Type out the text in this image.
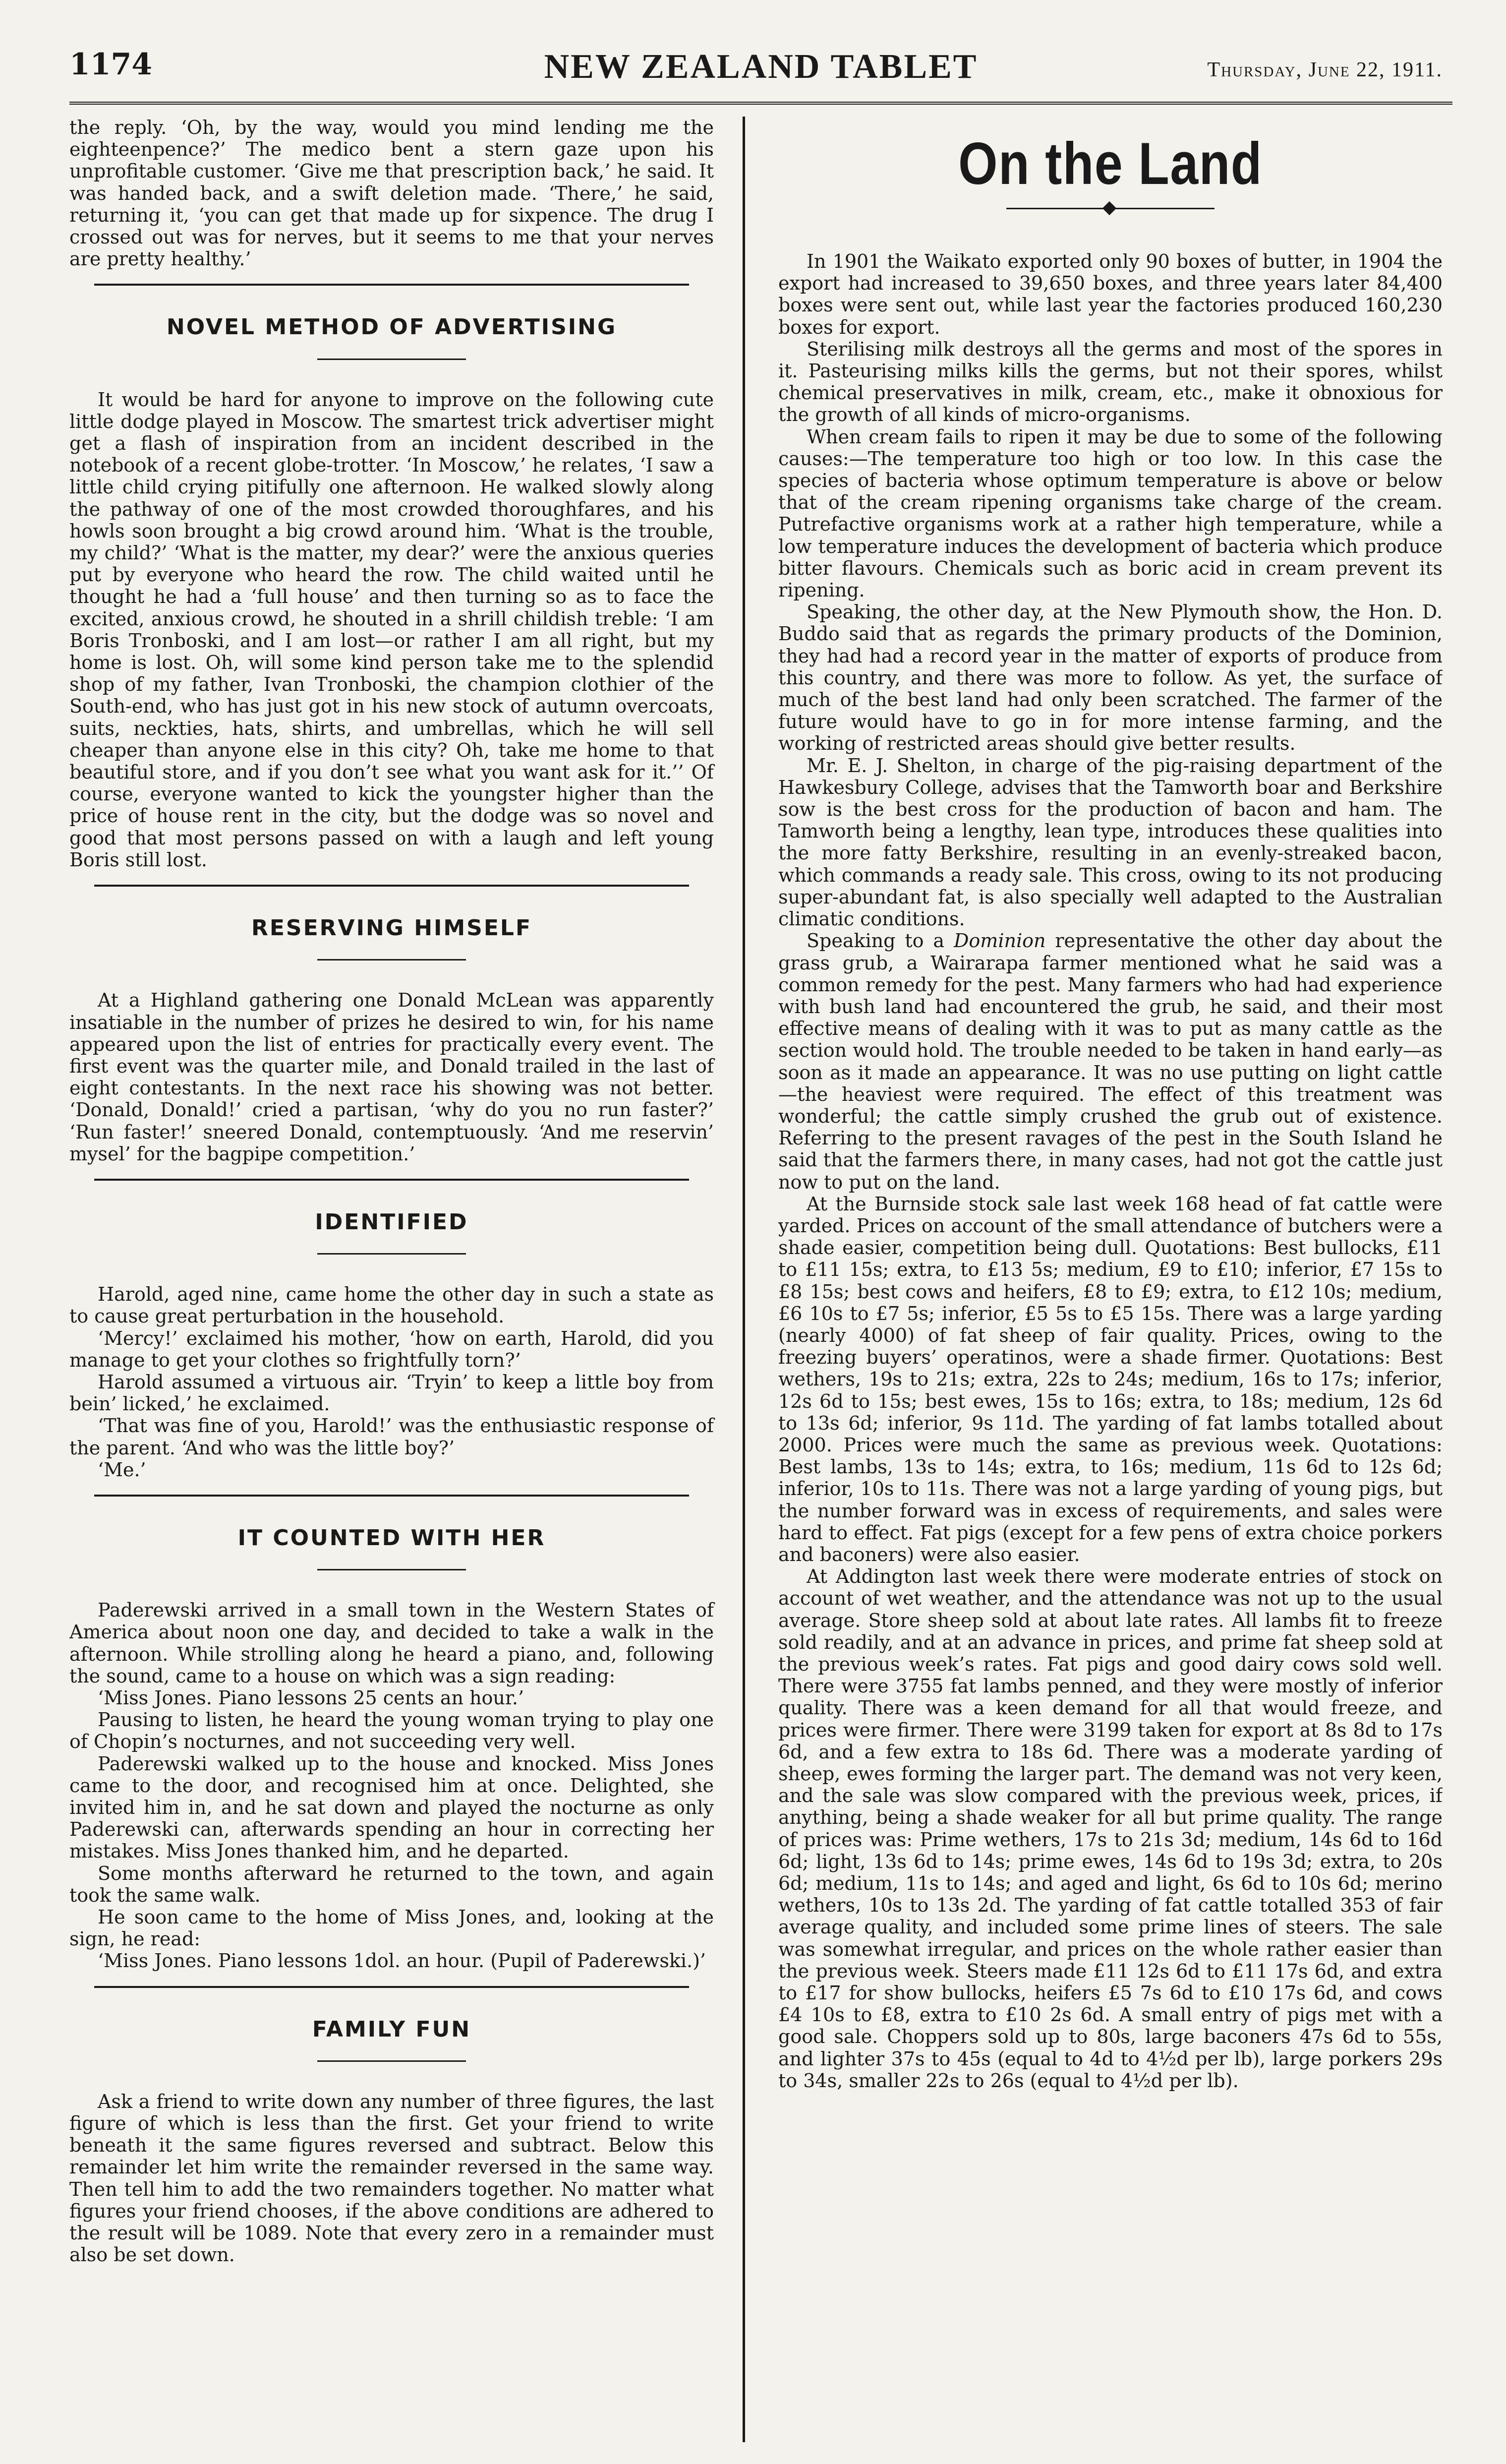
1174	NEW ZEALAND TABLET	Thursday, June 22, 1911.

the reply. ‘Oh, by the way, would you mind lending me the eighteenpence?’ The medico bent a stern gaze upon his unprofitable customer. ‘Give me that prescription back,’ he said. It was handed back, and a swift deletion made. ‘There,’ he said, returning it, ‘you can get that made up for sixpence. The drug I crossed out was for nerves, but it seems to me that your nerves are pretty healthy.’

NOVEL METHOD OF ADVERTISING

It would be hard for anyone to improve on the following cute little dodge played in Moscow. The smartest trick advertiser might get a flash of inspiration from an incident described in the notebook of a recent globe-trotter. ‘In Moscow,’ he relates, ‘I saw a little child crying pitifully one afternoon. He walked slowly along the pathway of one of the most crowded thoroughfares, and his howls soon brought a big crowd around him. ‘What is the trouble, my child?’ ‘What is the matter, my dear?’ were the anxious queries put by everyone who heard the row. The child waited until he thought he had a ‘full house’ and then turning so as to face the excited, anxious crowd, he shouted in a shrill childish treble: ‘I am Boris Tronboski, and I am lost—or rather I am all right, but my home is lost. Oh, will some kind person take me to the splendid shop of my father, Ivan Tronboski, the champion clothier of the South-end, who has just got in his new stock of autumn overcoats, suits, neckties, hats, shirts, and umbrellas, which he will sell cheaper than anyone else in this city? Oh, take me home to that beautiful store, and if you don’t see what you want ask for it.’’ Of course, everyone wanted to kick the youngster higher than the price of house rent in the city, but the dodge was so novel and good that most persons passed on with a laugh and left young Boris still lost.

RESERVING HIMSELF

At a Highland gathering one Donald McLean was apparently insatiable in the number of prizes he desired to win, for his name appeared upon the list of entries for practically every event. The first event was the quarter mile, and Donald trailed in the last of eight contestants. In the next race his showing was not better. ‘Donald, Donald!’ cried a partisan, ‘why do you no run faster?’ ‘Run faster!’ sneered Donald, contemptuously. ‘And me reservin’ mysel’ for the bagpipe competition.’

IDENTIFIED

Harold, aged nine, came home the other day in such a state as to cause great perturbation in the household.

‘Mercy!’ exclaimed his mother, ‘how on earth, Harold, did you manage to get your clothes so frightfully torn?’

Harold assumed a virtuous air. ‘Tryin’ to keep a little boy from bein’ licked,’ he exclaimed.

‘That was fine of you, Harold!’ was the enthusiastic response of the parent. ‘And who was the little boy?’

‘Me.’

IT COUNTED WITH HER

Paderewski arrived in a small town in the Western States of America about noon one day, and decided to take a walk in the afternoon. While strolling along he heard a piano, and, following the sound, came to a house on which was a sign reading:

‘Miss Jones. Piano lessons 25 cents an hour.’

Pausing to listen, he heard the young woman trying to play one of Chopin’s nocturnes, and not succeeding very well.

Paderewski walked up to the house and knocked. Miss Jones came to the door, and recognised him at once. Delighted, she invited him in, and he sat down and played the nocturne as only Paderewski can, afterwards spending an hour in correcting her mistakes. Miss Jones thanked him, and he departed.

Some months afterward he returned to the town, and again took the same walk.

He soon came to the home of Miss Jones, and, looking at the sign, he read:

‘Miss Jones. Piano lessons 1dol. an hour. (Pupil of Paderewski.)’

FAMILY FUN

Ask a friend to write down any number of three figures, the last figure of which is less than the first. Get your friend to write beneath it the same figures reversed and subtract. Below this remainder let him write the remainder reversed in the same way. Then tell him to add the two remainders together. No matter what figures your friend chooses, if the above conditions are adhered to the result will be 1089. Note that every zero in a remainder must also be set down.

On the Land

In 1901 the Waikato exported only 90 boxes of butter, in 1904 the export had increased to 39,650 boxes, and three years later 84,400 boxes were sent out, while last year the factories produced 160,230 boxes for export.

Sterilising milk destroys all the germs and most of the spores in it. Pasteurising milks kills the germs, but not their spores, whilst chemical preservatives in milk, cream, etc., make it obnoxious for the growth of all kinds of micro-organisms.

When cream fails to ripen it may be due to some of the following causes:—The temperature too high or too low. In this case the species of bacteria whose optimum temperature is above or below that of the cream ripening organisms take charge of the cream. Putrefactive organisms work at a rather high temperature, while a low temperature induces the development of bacteria which produce bitter flavours. Chemicals such as boric acid in cream prevent its ripening.

Speaking, the other day, at the New Plymouth show, the Hon. D. Buddo said that as regards the primary products of the Dominion, they had had a record year in the matter of exports of produce from this country, and there was more to follow. As yet, the surface of much of the best land had only been scratched. The farmer of the future would have to go in for more intense farming, and the working of restricted areas should give better results.

Mr. E. J. Shelton, in charge of the pig-raising department of the Hawkesbury College, advises that the Tamworth boar and Berkshire sow is the best cross for the production of bacon and ham. The Tamworth being a lengthy, lean type, introduces these qualities into the more fatty Berkshire, resulting in an evenly-streaked bacon, which commands a ready sale. This cross, owing to its not producing super-abundant fat, is also specially well adapted to the Australian climatic conditions.

Speaking to a Dominion representative the other day about the grass grub, a Wairarapa farmer mentioned what he said was a common remedy for the pest. Many farmers who had had experience with bush land had encountered the grub, he said, and their most effective means of dealing with it was to put as many cattle as the section would hold. The trouble needed to be taken in hand early—as soon as it made an appearance. It was no use putting on light cattle—the heaviest were required. The effect of this treatment was wonderful; the cattle simply crushed the grub out of existence. Referring to the present ravages of the pest in the South Island he said that the farmers there, in many cases, had not got the cattle just now to put on the land.

At the Burnside stock sale last week 168 head of fat cattle were yarded. Prices on account of the small attendance of butchers were a shade easier, competition being dull. Quotations: Best bullocks, £11 to £11 15s; extra, to £13 5s; medium, £9 to £10; inferior, £7 15s to £8 15s; best cows and heifers, £8 to £9; extra, to £12 10s; medium, £6 10s to £7 5s; inferior, £5 5s to £5 15s. There was a large yarding (nearly 4000) of fat sheep of fair quality. Prices, owing to the freezing buyers’ operatinos, were a shade firmer. Quotations: Best wethers, 19s to 21s; extra, 22s to 24s; medium, 16s to 17s; inferior, 12s 6d to 15s; best ewes, 15s to 16s; extra, to 18s; medium, 12s 6d to 13s 6d; inferior, 9s 11d. The yarding of fat lambs totalled about 2000. Prices were much the same as previous week. Quotations: Best lambs, 13s to 14s; extra, to 16s; medium, 11s 6d to 12s 6d; inferior, 10s to 11s. There was not a large yarding of young pigs, but the number forward was in excess of requirements, and sales were hard to effect. Fat pigs (except for a few pens of extra choice porkers and baconers) were also easier.

At Addington last week there were moderate entries of stock on account of wet weather, and the attendance was not up to the usual average. Store sheep sold at about late rates. All lambs fit to freeze sold readily, and at an advance in prices, and prime fat sheep sold at the previous week’s rates. Fat pigs and good dairy cows sold well. There were 3755 fat lambs penned, and they were mostly of inferior quality. There was a keen demand for all that would freeze, and prices were firmer. There were 3199 taken for export at 8s 8d to 17s 6d, and a few extra to 18s 6d. There was a moderate yarding of sheep, ewes forming the larger part. The demand was not very keen, and the sale was slow compared with the previous week, prices, if anything, being a shade weaker for all but prime quality. The range of prices was: Prime wethers, 17s to 21s 3d; medium, 14s 6d to 16d 6d; light, 13s 6d to 14s; prime ewes, 14s 6d to 19s 3d; extra, to 20s 6d; medium, 11s to 14s; and aged and light, 6s 6d to 10s 6d; merino wethers, 10s to 13s 2d. The yarding of fat cattle totalled 353 of fair average quality, and included some prime lines of steers. The sale was somewhat irregular, and prices on the whole rather easier than the previous week. Steers made £11 12s 6d to £11 17s 6d, and extra to £17 for show bullocks, heifers £5 7s 6d to £10 17s 6d, and cows £4 10s to £8, extra to £10 2s 6d. A small entry of pigs met with a good sale. Choppers sold up to 80s, large baconers 47s 6d to 55s, and lighter 37s to 45s (equal to 4d to 4½d per lb), large porkers 29s to 34s, smaller 22s to 26s (equal to 4½d per lb).
